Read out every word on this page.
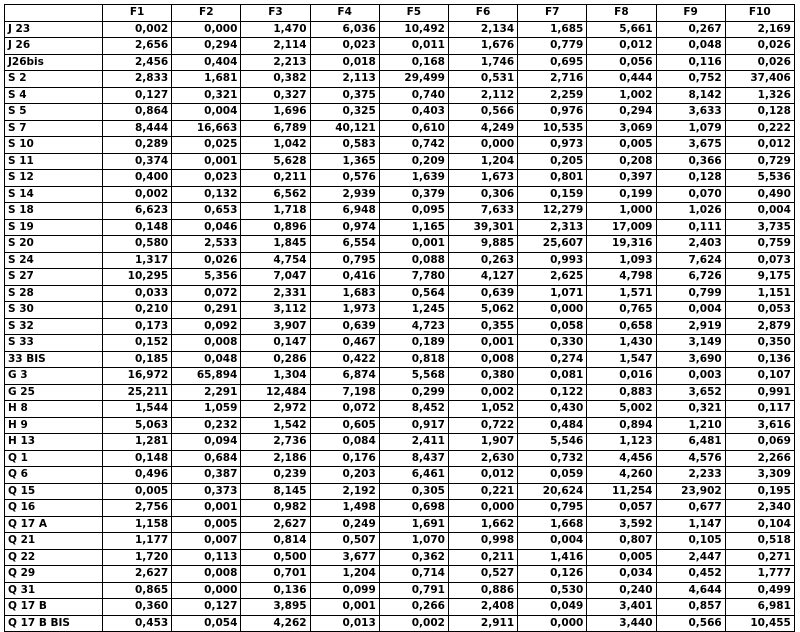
	F1	F2	F3	F4	F5	F6	F7	F8	F9	F10
J 23	0,002	0,000	1,470	6,036	10,492	2,134	1,685	5,661	0,267	2,169
J 26	2,656	0,294	2,114	0,023	0,011	1,676	0,779	0,012	0,048	0,026
J26bis	2,456	0,404	2,213	0,018	0,168	1,746	0,695	0,056	0,116	0,026
S 2	2,833	1,681	0,382	2,113	29,499	0,531	2,716	0,444	0,752	37,406
S 4	0,127	0,321	0,327	0,375	0,740	2,112	2,259	1,002	8,142	1,326
S 5	0,864	0,004	1,696	0,325	0,403	0,566	0,976	0,294	3,633	0,128
S 7	8,444	16,663	6,789	40,121	0,610	4,249	10,535	3,069	1,079	0,222
S 10	0,289	0,025	1,042	0,583	0,742	0,000	0,973	0,005	3,675	0,012
S 11	0,374	0,001	5,628	1,365	0,209	1,204	0,205	0,208	0,366	0,729
S 12	0,400	0,023	0,211	0,576	1,639	1,673	0,801	0,397	0,128	5,536
S 14	0,002	0,132	6,562	2,939	0,379	0,306	0,159	0,199	0,070	0,490
S 18	6,623	0,653	1,718	6,948	0,095	7,633	12,279	1,000	1,026	0,004
S 19	0,148	0,046	0,896	0,974	1,165	39,301	2,313	17,009	0,111	3,735
S 20	0,580	2,533	1,845	6,554	0,001	9,885	25,607	19,316	2,403	0,759
S 24	1,317	0,026	4,754	0,795	0,088	0,263	0,993	1,093	7,624	0,073
S 27	10,295	5,356	7,047	0,416	7,780	4,127	2,625	4,798	6,726	9,175
S 28	0,033	0,072	2,331	1,683	0,564	0,639	1,071	1,571	0,799	1,151
S 30	0,210	0,291	3,112	1,973	1,245	5,062	0,000	0,765	0,004	0,053
S 32	0,173	0,092	3,907	0,639	4,723	0,355	0,058	0,658	2,919	2,879
S 33	0,152	0,008	0,147	0,467	0,189	0,001	0,330	1,430	3,149	0,350
33 BIS	0,185	0,048	0,286	0,422	0,818	0,008	0,274	1,547	3,690	0,136
G 3	16,972	65,894	1,304	6,874	5,568	0,380	0,081	0,016	0,003	0,107
G 25	25,211	2,291	12,484	7,198	0,299	0,002	0,122	0,883	3,652	0,991
H 8	1,544	1,059	2,972	0,072	8,452	1,052	0,430	5,002	0,321	0,117
H 9	5,063	0,232	1,542	0,605	0,917	0,722	0,484	0,894	1,210	3,616
H 13	1,281	0,094	2,736	0,084	2,411	1,907	5,546	1,123	6,481	0,069
Q 1	0,148	0,684	2,186	0,176	8,437	2,630	0,732	4,456	4,576	2,266
Q 6	0,496	0,387	0,239	0,203	6,461	0,012	0,059	4,260	2,233	3,309
Q 15	0,005	0,373	8,145	2,192	0,305	0,221	20,624	11,254	23,902	0,195
Q 16	2,756	0,001	0,982	1,498	0,698	0,000	0,795	0,057	0,677	2,340
Q 17 A	1,158	0,005	2,627	0,249	1,691	1,662	1,668	3,592	1,147	0,104
Q 21	1,177	0,007	0,814	0,507	1,070	0,998	0,004	0,807	0,105	0,518
Q 22	1,720	0,113	0,500	3,677	0,362	0,211	1,416	0,005	2,447	0,271
Q 29	2,627	0,008	0,701	1,204	0,714	0,527	0,126	0,034	0,452	1,777
Q 31	0,865	0,000	0,136	0,099	0,791	0,886	0,530	0,240	4,644	0,499
Q 17 B	0,360	0,127	3,895	0,001	0,266	2,408	0,049	3,401	0,857	6,981
Q 17 B BIS	0,453	0,054	4,262	0,013	0,002	2,911	0,000	3,440	0,566	10,455
